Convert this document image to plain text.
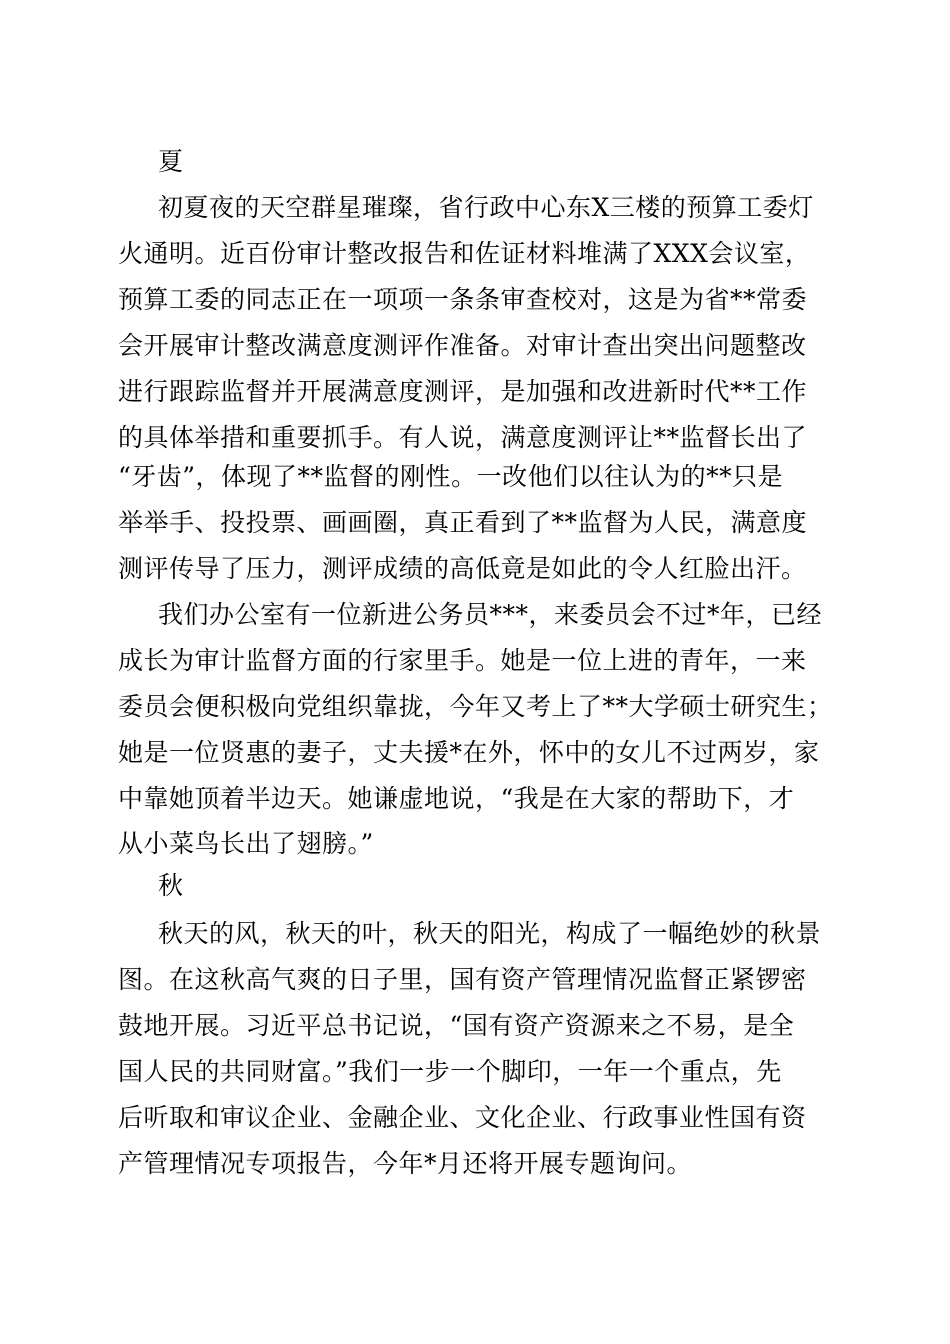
夏
初夏夜的天空群星璀璨，省行政中心东X三楼的预算工委灯
火通明。近百份审计整改报告和佐证材料堆满了XXX会议室，
预算工委的同志正在一项项一条条审查校对，这是为省**常委
会开展审计整改满意度测评作准备。对审计查出突出问题整改
进行跟踪监督并开展满意度测评，是加强和改进新时代**工作
的具体举措和重要抓手。有人说，满意度测评让**监督长出了
“牙齿”，体现了**监督的刚性。一改他们以往认为的**只是
举举手、投投票、画画圈，真正看到了**监督为人民，满意度
测评传导了压力，测评成绩的高低竟是如此的令人红脸出汗。
我们办公室有一位新进公务员***，来委员会不过*年，已经
成长为审计监督方面的行家里手。她是一位上进的青年，一来
委员会便积极向党组织靠拢，今年又考上了**大学硕士研究生；
她是一位贤惠的妻子，丈夫援*在外，怀中的女儿不过两岁，家
中靠她顶着半边天。她谦虚地说，“我是在大家的帮助下，才
从小菜鸟长出了翅膀。”
秋
秋天的风，秋天的叶，秋天的阳光，构成了一幅绝妙的秋景
图。在这秋高气爽的日子里，国有资产管理情况监督正紧锣密
鼓地开展。习近平总书记说，“国有资产资源来之不易，是全
国人民的共同财富。”我们一步一个脚印，一年一个重点，先
后听取和审议企业、金融企业、文化企业、行政事业性国有资
产管理情况专项报告，今年*月还将开展专题询问。
